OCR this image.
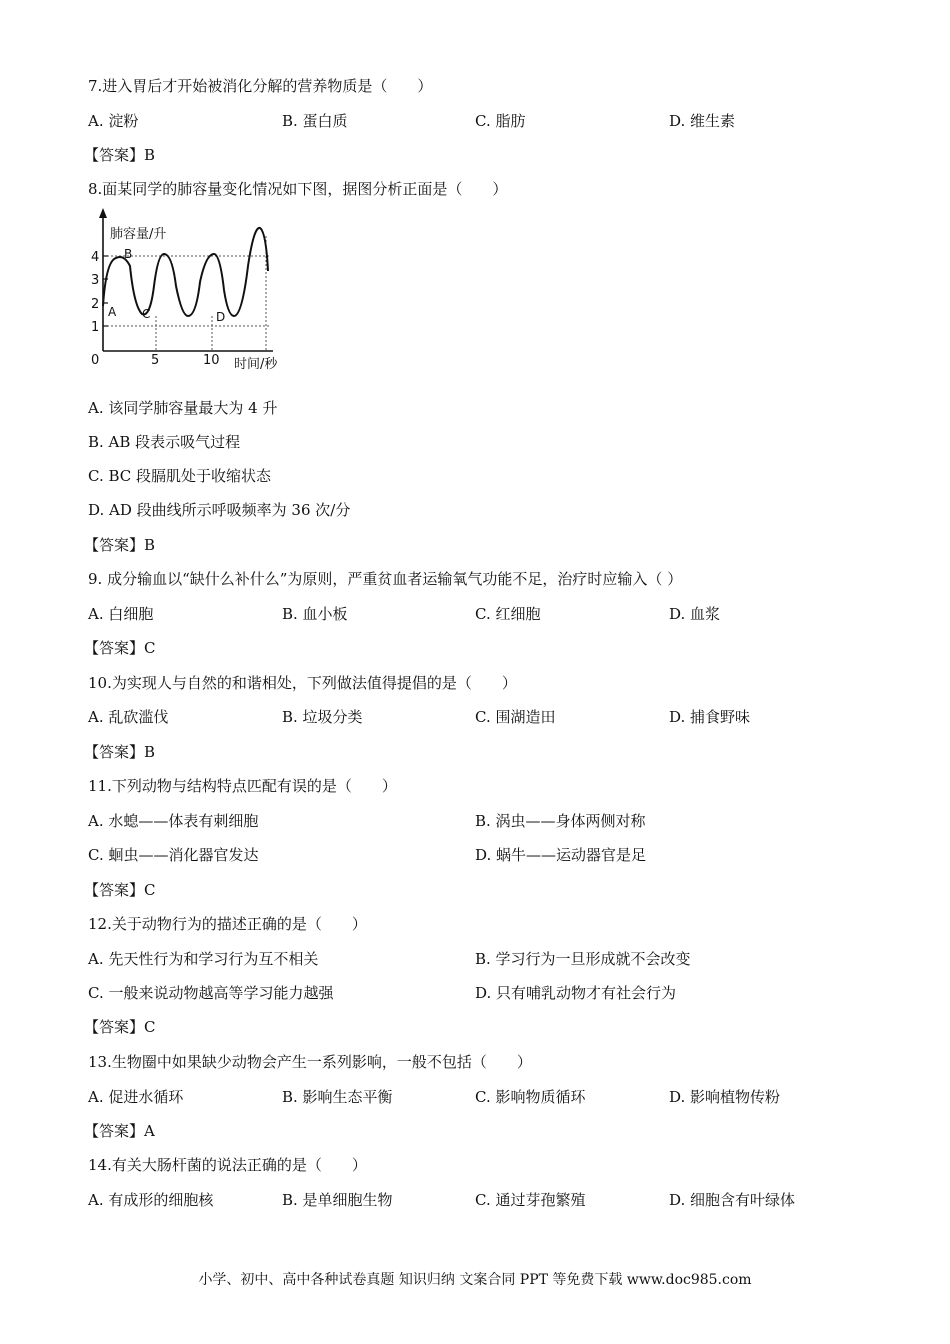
7.进入胃后才开始被消化分解的营养物质是（　　）
A. 淀粉	B. 蛋白质	C. 脂肪	D. 维生素
【答案】B
8.面某同学的肺容量变化情况如下图，据图分析正面是（　　）
肺容量/升
时间/秒
0
1
2
3
4
5	10
A
B
C	D
A. 该同学肺容量最大为 4 升
B. AB 段表示吸气过程
C. BC 段膈肌处于收缩状态
D. AD 段曲线所示呼吸频率为 36 次/分
【答案】B
9. 成分输血以“缺什么补什么”为原则，严重贫血者运输氧气功能不足，治疗时应输入（ ）
A. 白细胞	B. 血小板	C. 红细胞	D. 血浆
【答案】C
10.为实现人与自然的和谐相处，下列做法值得提倡的是（　　）
A. 乱砍滥伐	B. 垃圾分类	C. 围湖造田	D. 捕食野味
【答案】B
11.下列动物与结构特点匹配有误的是（　　）
A. 水螅——体表有刺细胞	B. 涡虫——身体两侧对称
C. 蛔虫——消化器官发达	D. 蜗牛——运动器官是足
【答案】C
12.关于动物行为的描述正确的是（　　）
A. 先天性行为和学习行为互不相关	B. 学习行为一旦形成就不会改变
C. 一般来说动物越高等学习能力越强	D. 只有哺乳动物才有社会行为
【答案】C
13.生物圈中如果缺少动物会产生一系列影响，一般不包括（　　）
A. 促进水循环	B. 影响生态平衡	C. 影响物质循环	D. 影响植物传粉
【答案】A
14.有关大肠杆菌的说法正确的是（　　）
A. 有成形的细胞核	B. 是单细胞生物	C. 通过芽孢繁殖	D. 细胞含有叶绿体
小学、初中、高中各种试卷真题 知识归纳 文案合同 PPT 等免费下载 www.doc985.com
